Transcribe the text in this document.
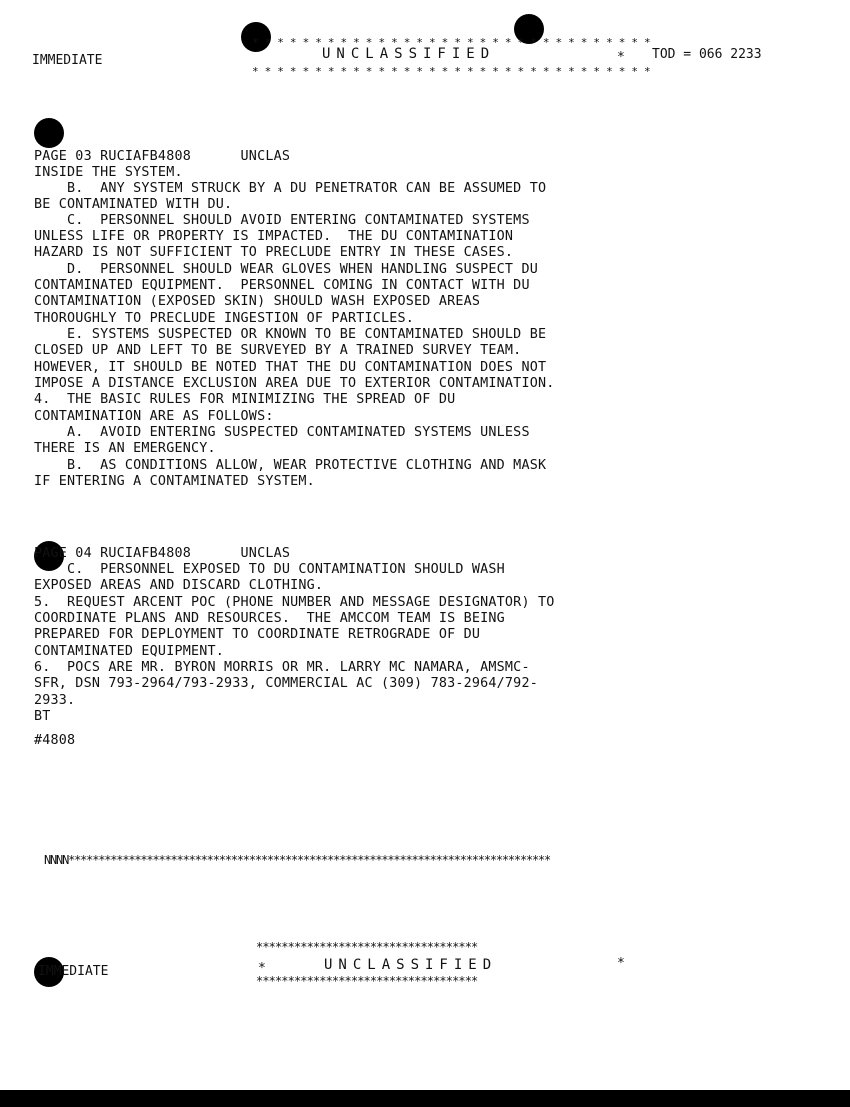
IMMEDIATE
* * * * * * * * * * * * * * * * * * * * * * * * * * * * * * * *
UNCLASSIFIED	*
* * * * * * * * * * * * * * * * * * * * * * * * * * * * * * * *
TOD = 066 2233
PAGE 03 RUCIAFB4808      UNCLAS
INSIDE THE SYSTEM.
B.  ANY SYSTEM STRUCK BY A DU PENETRATOR CAN BE ASSUMED TO
BE CONTAMINATED WITH DU.
C.  PERSONNEL SHOULD AVOID ENTERING CONTAMINATED SYSTEMS
UNLESS LIFE OR PROPERTY IS IMPACTED.  THE DU CONTAMINATION
HAZARD IS NOT SUFFICIENT TO PRECLUDE ENTRY IN THESE CASES.
D.  PERSONNEL SHOULD WEAR GLOVES WHEN HANDLING SUSPECT DU
CONTAMINATED EQUIPMENT.  PERSONNEL COMING IN CONTACT WITH DU
CONTAMINATION (EXPOSED SKIN) SHOULD WASH EXPOSED AREAS
THOROUGHLY TO PRECLUDE INGESTION OF PARTICLES.
E. SYSTEMS SUSPECTED OR KNOWN TO BE CONTAMINATED SHOULD BE
CLOSED UP AND LEFT TO BE SURVEYED BY A TRAINED SURVEY TEAM.
HOWEVER, IT SHOULD BE NOTED THAT THE DU CONTAMINATION DOES NOT
IMPOSE A DISTANCE EXCLUSION AREA DUE TO EXTERIOR CONTAMINATION.
4.  THE BASIC RULES FOR MINIMIZING THE SPREAD OF DU
CONTAMINATION ARE AS FOLLOWS:
A.  AVOID ENTERING SUSPECTED CONTAMINATED SYSTEMS UNLESS
THERE IS AN EMERGENCY.
B.  AS CONDITIONS ALLOW, WEAR PROTECTIVE CLOTHING AND MASK
IF ENTERING A CONTAMINATED SYSTEM.
PAGE 04 RUCIAFB4808      UNCLAS
C.  PERSONNEL EXPOSED TO DU CONTAMINATION SHOULD WASH
EXPOSED AREAS AND DISCARD CLOTHING.
5.  REQUEST ARCENT POC (PHONE NUMBER AND MESSAGE DESIGNATOR) TO
COORDINATE PLANS AND RESOURCES.  THE AMCCOM TEAM IS BEING
PREPARED FOR DEPLOYMENT TO COORDINATE RETROGRADE OF DU
CONTAMINATED EQUIPMENT.
6.  POCS ARE MR. BYRON MORRIS OR MR. LARRY MC NAMARA, AMSMC-
SFR, DSN 793-2964/793-2933, COMMERCIAL AC (309) 783-2964/792-
2933.
BT
#4808
NNNN********************************************************************************
***********************************
IMMEDIATE	*	UNCLASSIFIED	*
***********************************
